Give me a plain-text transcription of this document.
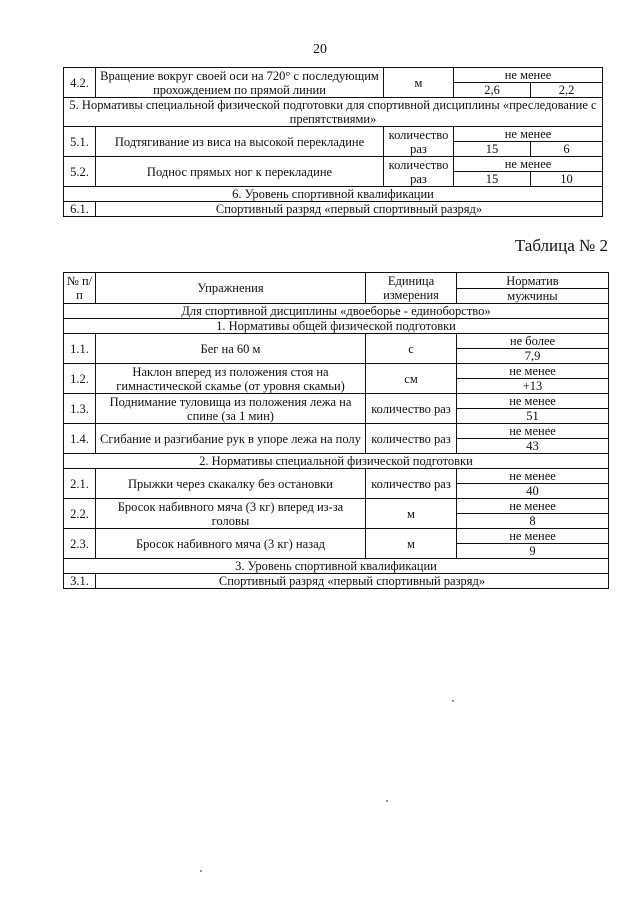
20
4.2.	Вращение вокруг своей оси на 720° с последующим прохождением по прямой линии	м	не менее	
			2,6	2,2
5. Нормативы специальной физической подготовки для спортивной дисциплины «преследование с препятствиями»				
5.1.	Подтягивание из виса на высокой перекладине	количество раз	не менее	
			15	6
5.2.	Поднос прямых ног к перекладине	количество раз	не менее	
			15	10
6. Уровень спортивной квалификации				
6.1.	Спортивный разряд «первый спортивный разряд»			
Таблица № 2
№ п/п	Упражнения	Единица измерения	Норматив
			мужчины
Для спортивной дисциплины «двоеборье - единоборство»			
1. Нормативы общей физической подготовки			
1.1.	Бег на 60 м	с	не более
			7,9
1.2.	Наклон вперед из положения стоя на гимнастической скамье (от уровня скамьи)	см	не менее
			+13
1.3.	Поднимание туловища из положения лежа на спине (за 1 мин)	количество раз	не менее
			51
1.4.	Сгибание и разгибание рук в упоре лежа на полу	количество раз	не менее
			43
2. Нормативы специальной физической подготовки			
2.1.	Прыжки через скакалку без остановки	количество раз	не менее
			40
2.2.	Бросок набивного мяча (3 кг) вперед из-за головы	м	не менее
			8
2.3.	Бросок набивного мяча (3 кг) назад	м	не менее
			9
3. Уровень спортивной квалификации			
3.1.	Спортивный разряд «первый спортивный разряд»		
